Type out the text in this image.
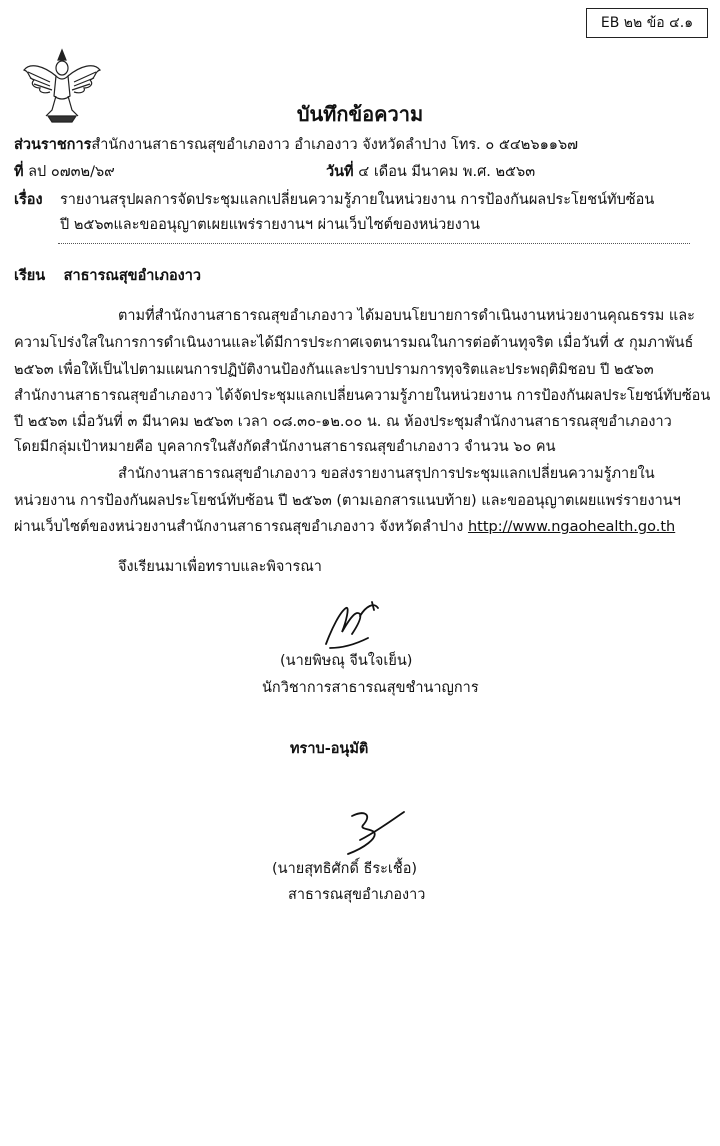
EB ๒๒ ข้อ ๔.๑
บันทึกข้อความ
ส่วนราชการสำนักงานสาธารณสุขอำเภองาว อำเภองาว จังหวัดลำปาง โทร. ๐ ๕๔๒๖๑๑๖๗
ที่ ลป ๐๗๓๒/๖๙	วันที่ ๔ เดือน มีนาคม พ.ศ. ๒๕๖๓
เรื่อง รายงานสรุปผลการจัดประชุมแลกเปลี่ยนความรู้ภายในหน่วยงาน การป้องกันผลประโยชน์ทับซ้อน
ปี ๒๕๖๓และขออนุญาตเผยแพร่รายงานฯ ผ่านเว็บไซต์ของหน่วยงาน
เรียน สาธารณสุขอำเภองาว
ตามที่สำนักงานสาธารณสุขอำเภองาว ได้มอบนโยบายการดำเนินงานหน่วยงานคุณธรรม และ
ความโปร่งใสในการการดำเนินงานและได้มีการประกาศเจตนารมณในการต่อต้านทุจริต เมื่อวันที่ ๕ กุมภาพันธ์
๒๕๖๓ เพื่อให้เป็นไปตามแผนการปฏิบัติงานป้องกันและปราบปรามการทุจริตและประพฤติมิชอบ ปี ๒๕๖๓
สำนักงานสาธารณสุขอำเภองาว ได้จัดประชุมแลกเปลี่ยนความรู้ภายในหน่วยงาน การป้องกันผลประโยชน์ทับซ้อน
ปี ๒๕๖๓ เมื่อวันที่ ๓ มีนาคม ๒๕๖๓ เวลา ๐๘.๓๐-๑๒.๐๐ น. ณ ห้องประชุมสำนักงานสาธารณสุขอำเภองาว
โดยมีกลุ่มเป้าหมายคือ บุคลากรในสังกัดสำนักงานสาธารณสุขอำเภองาว จำนวน ๖๐ คน
สำนักงานสาธารณสุขอำเภองาว ขอส่งรายงานสรุปการประชุมแลกเปลี่ยนความรู้ภายใน
หน่วยงาน การป้องกันผลประโยชน์ทับซ้อน ปี ๒๕๖๓ (ตามเอกสารแนบท้าย) และขออนุญาตเผยแพร่รายงานฯ
ผ่านเว็บไซต์ของหน่วยงานสำนักงานสาธารณสุขอำเภองาว จังหวัดลำปาง http://www.ngaohealth.go.th
จึงเรียนมาเพื่อทราบและพิจารณา
(นายพิษณุ จีนใจเย็น)
นักวิชาการสาธารณสุขชำนาญการ
ทราบ-อนุมัติ
(นายสุทธิศักดิ์ ธีระเชื้อ)
สาธารณสุขอำเภองาว
